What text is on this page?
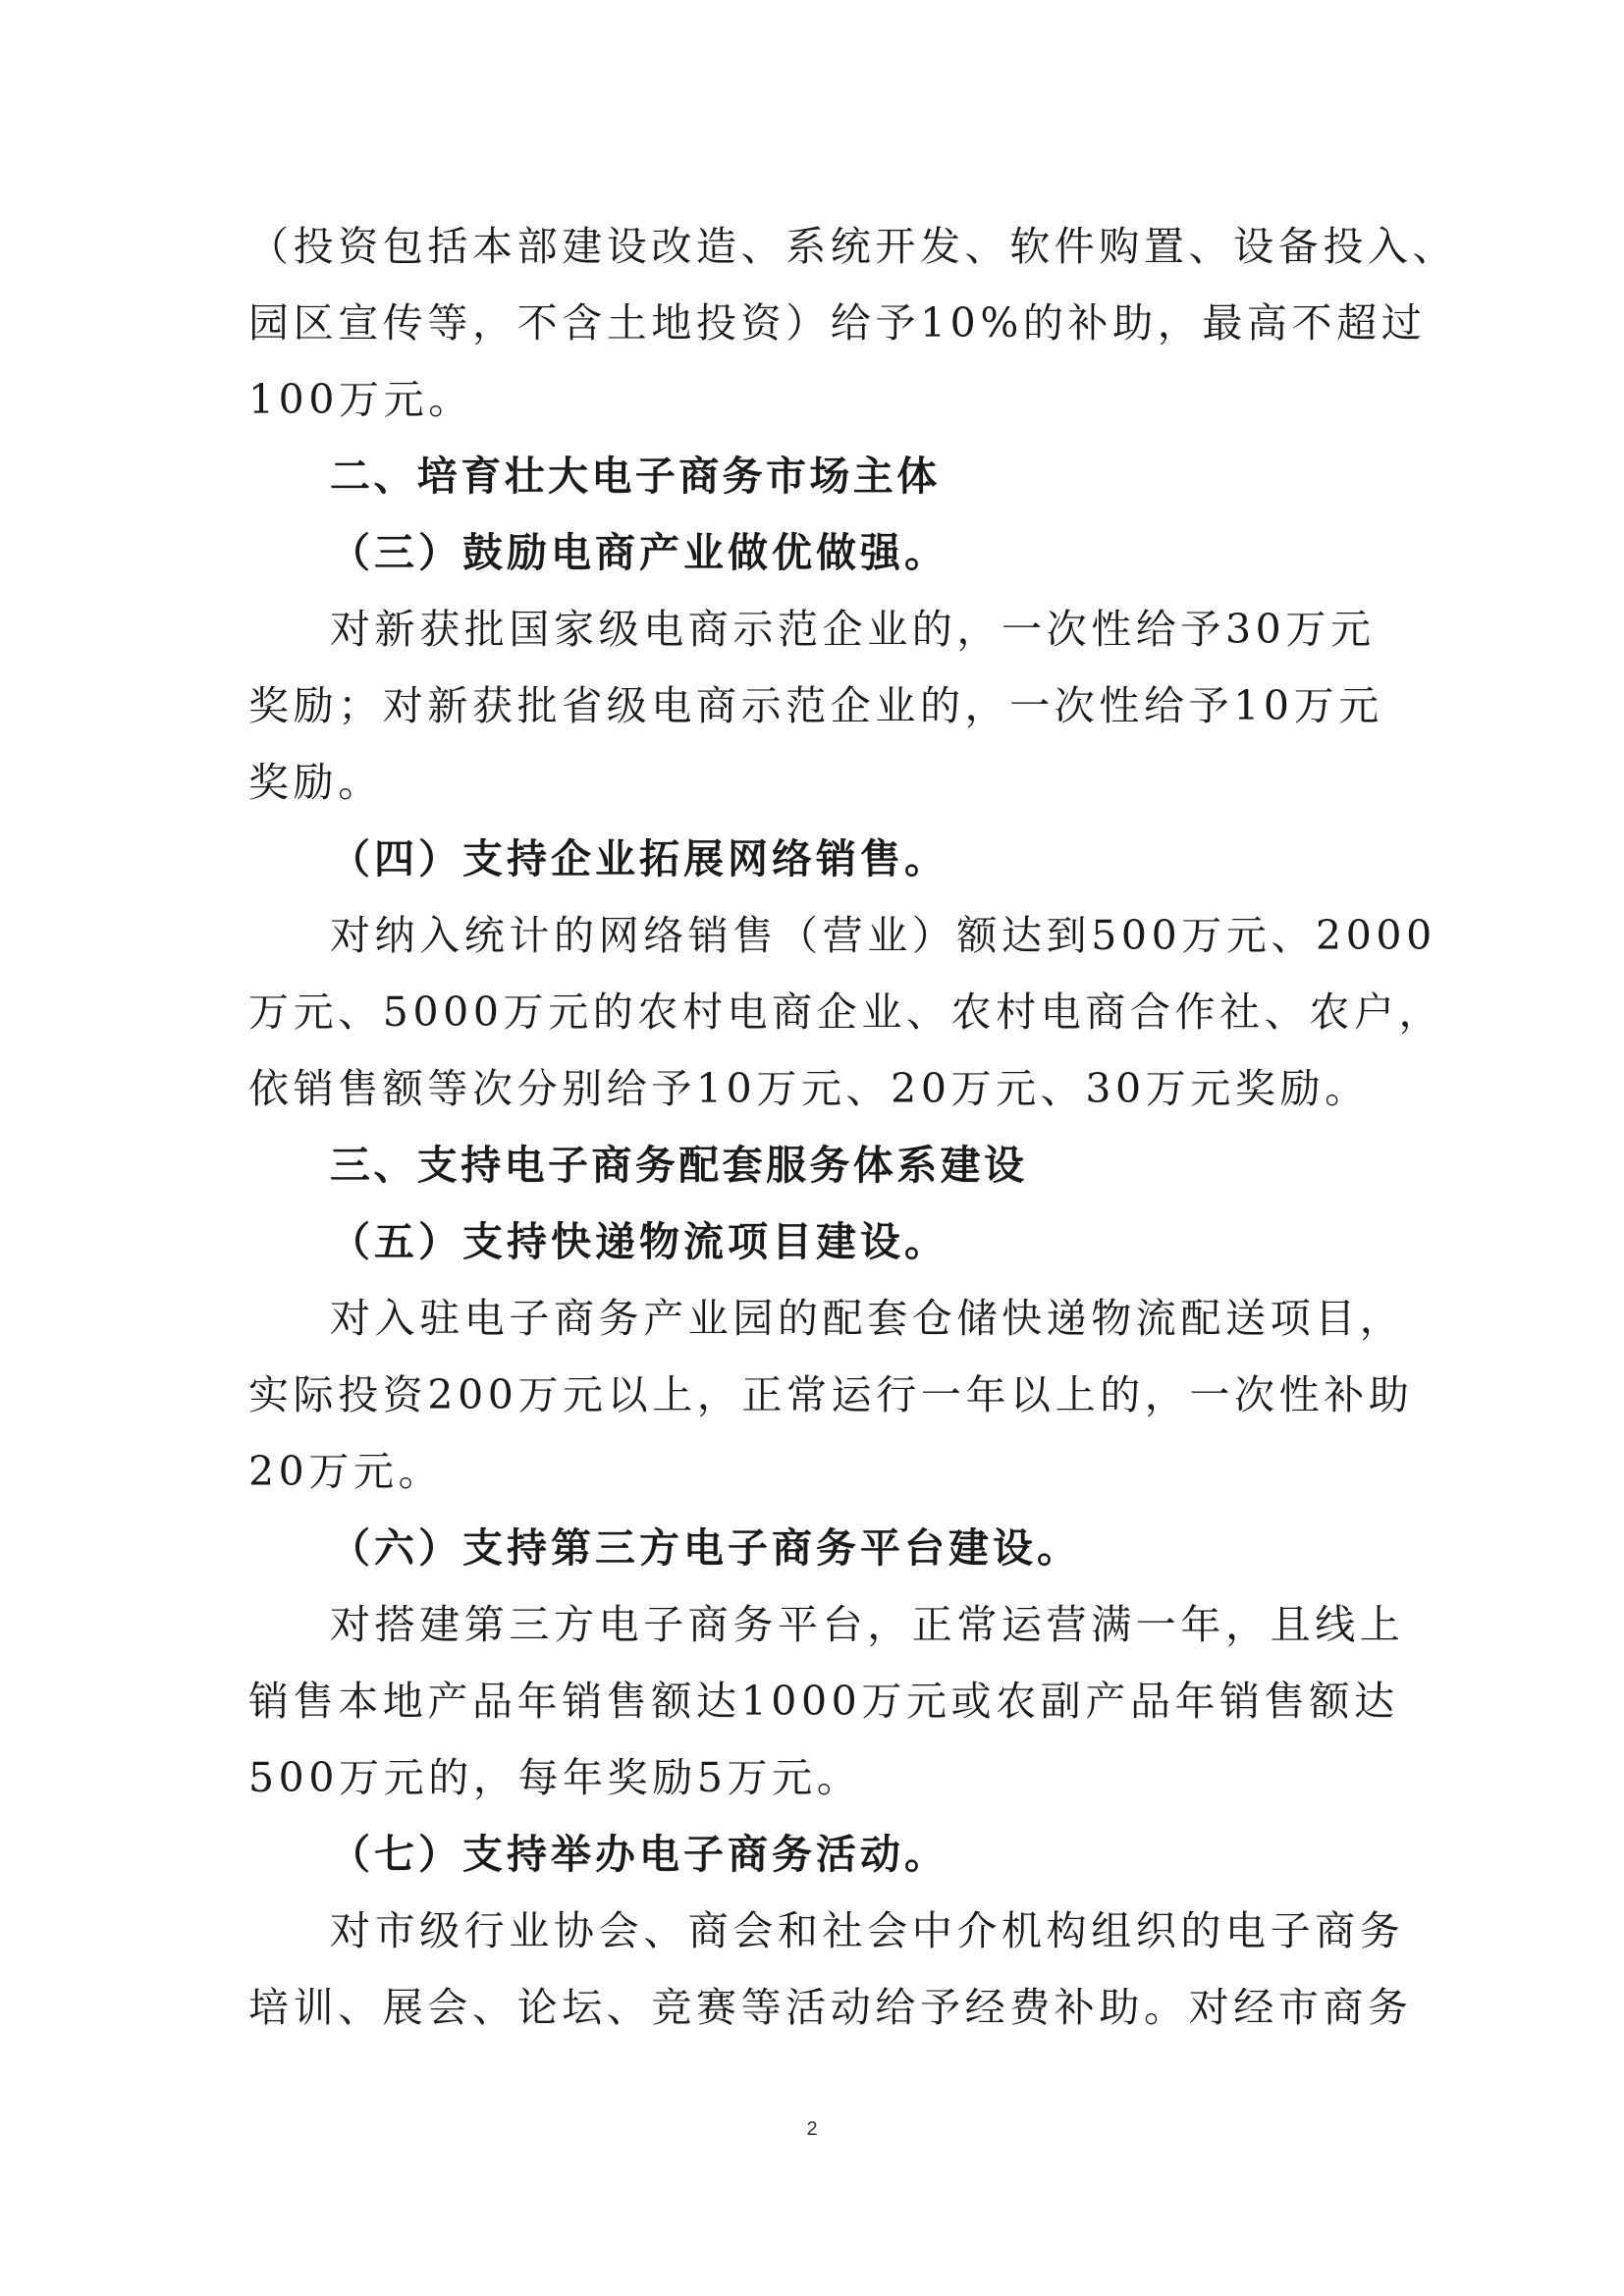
（投资包括本部建设改造、系统开发、软件购置、设备投入、
园区宣传等，不含土地投资）给予10%的补助，最高不超过
100万元。
二、培育壮大电子商务市场主体
（三）鼓励电商产业做优做强。
对新获批国家级电商示范企业的，一次性给予30万元
奖励；对新获批省级电商示范企业的，一次性给予10万元
奖励。
（四）支持企业拓展网络销售。
对纳入统计的网络销售（营业）额达到500万元、2000
万元、5000万元的农村电商企业、农村电商合作社、农户，
依销售额等次分别给予10万元、20万元、30万元奖励。
三、支持电子商务配套服务体系建设
（五）支持快递物流项目建设。
对入驻电子商务产业园的配套仓储快递物流配送项目，
实际投资200万元以上，正常运行一年以上的，一次性补助
20万元。
（六）支持第三方电子商务平台建设。
对搭建第三方电子商务平台，正常运营满一年，且线上
销售本地产品年销售额达1000万元或农副产品年销售额达
500万元的，每年奖励5万元。
（七）支持举办电子商务活动。
对市级行业协会、商会和社会中介机构组织的电子商务
培训、展会、论坛、竞赛等活动给予经费补助。对经市商务
2
